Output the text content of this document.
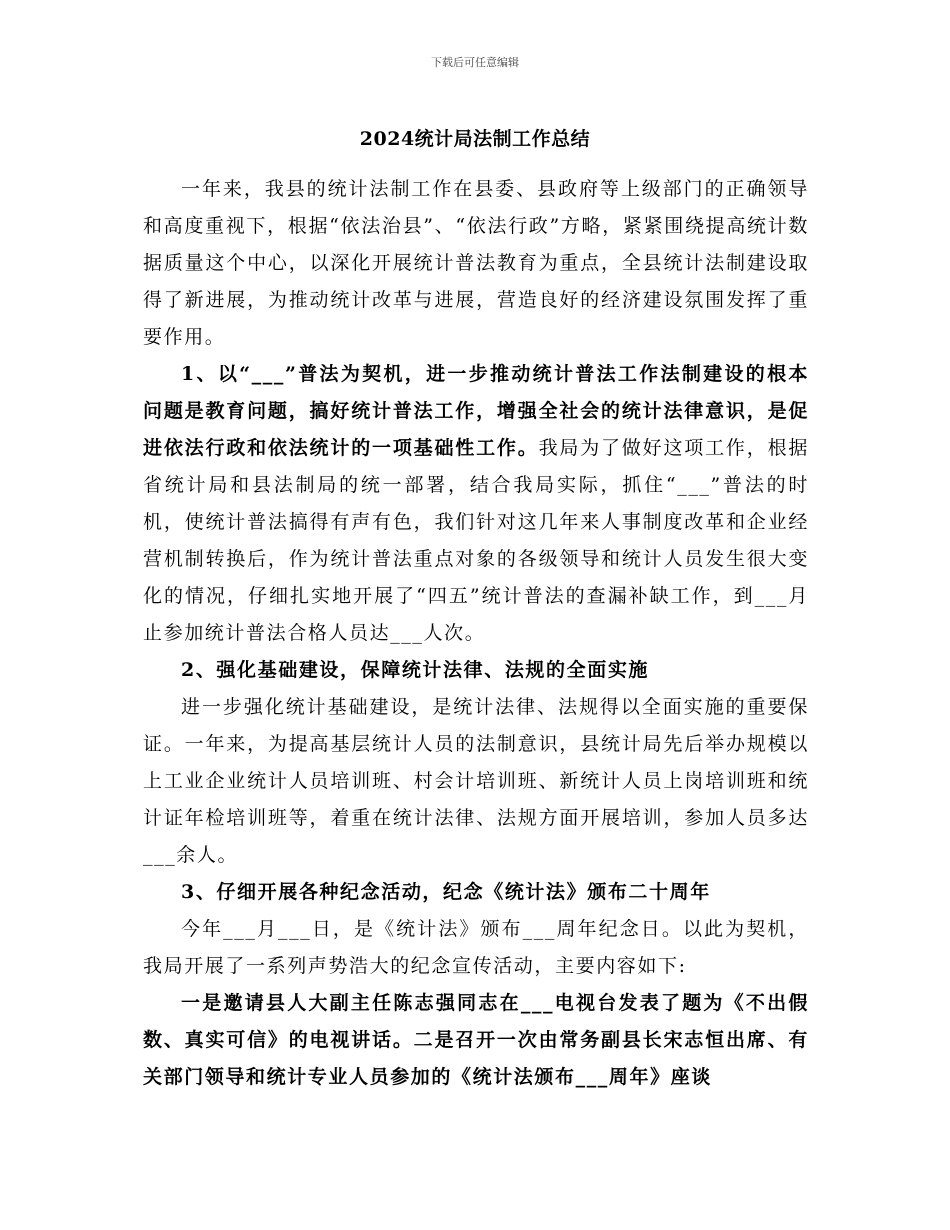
下载后可任意编辑
2024统计局法制工作总结

一年来，我县的统计法制工作在县委、县政府等上级部门的正确领导和高度重视下，根据“依法治县”、“依法行政”方略，紧紧围绕提高统计数据质量这个中心，以深化开展统计普法教育为重点，全县统计法制建设取得了新进展，为推动统计改革与进展，营造良好的经济建设氛围发挥了重要作用。

1、以“___”普法为契机，进一步推动统计普法工作法制建设的根本问题是教育问题，搞好统计普法工作，增强全社会的统计法律意识，是促进依法行政和依法统计的一项基础性工作。我局为了做好这项工作，根据省统计局和县法制局的统一部署，结合我局实际，抓住“___”普法的时机，使统计普法搞得有声有色，我们针对这几年来人事制度改革和企业经营机制转换后，作为统计普法重点对象的各级领导和统计人员发生很大变化的情况，仔细扎实地开展了“四五”统计普法的查漏补缺工作，到___月止参加统计普法合格人员达___人次。

2、强化基础建设，保障统计法律、法规的全面实施

进一步强化统计基础建设，是统计法律、法规得以全面实施的重要保证。一年来，为提高基层统计人员的法制意识，县统计局先后举办规模以上工业企业统计人员培训班、村会计培训班、新统计人员上岗培训班和统计证年检培训班等，着重在统计法律、法规方面开展培训，参加人员多达___余人。

3、仔细开展各种纪念活动，纪念《统计法》颁布二十周年

今年___月___日，是《统计法》颁布___周年纪念日。以此为契机，我局开展了一系列声势浩大的纪念宣传活动，主要内容如下:

一是邀请县人大副主任陈志强同志在___电视台发表了题为《不出假数、真实可信》的电视讲话。二是召开一次由常务副县长宋志恒出席、有关部门领导和统计专业人员参加的《统计法颁布___周年》座谈
